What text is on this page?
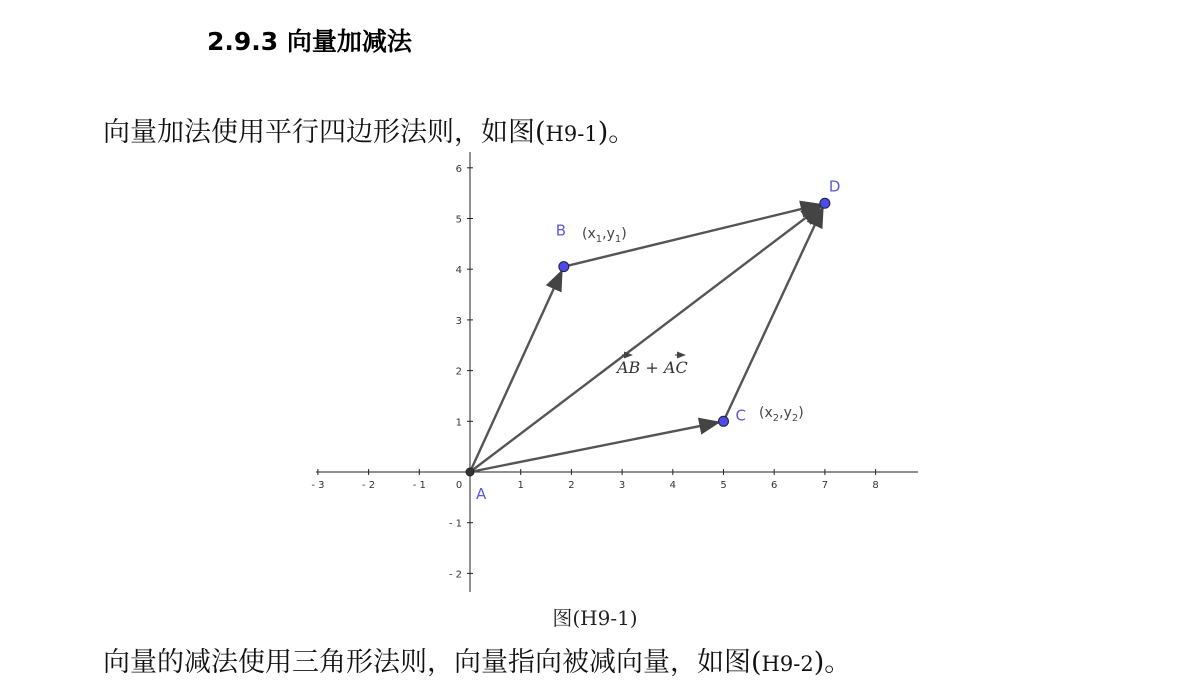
2.9.3 向量加减法
向量加法使用平行四边形法则，如图(H9-1)。
- 3	- 2	- 1	0	1	2	3	4	5	6	7	8
6
5
4
3
2
1
- 1
- 2
A
B
C
D
$(x_1,y_1)$
$(x_2,y_2)$
AB + AC
图(H9-1)
向量的减法使用三角形法则，向量指向被减向量，如图(H9-2)。
